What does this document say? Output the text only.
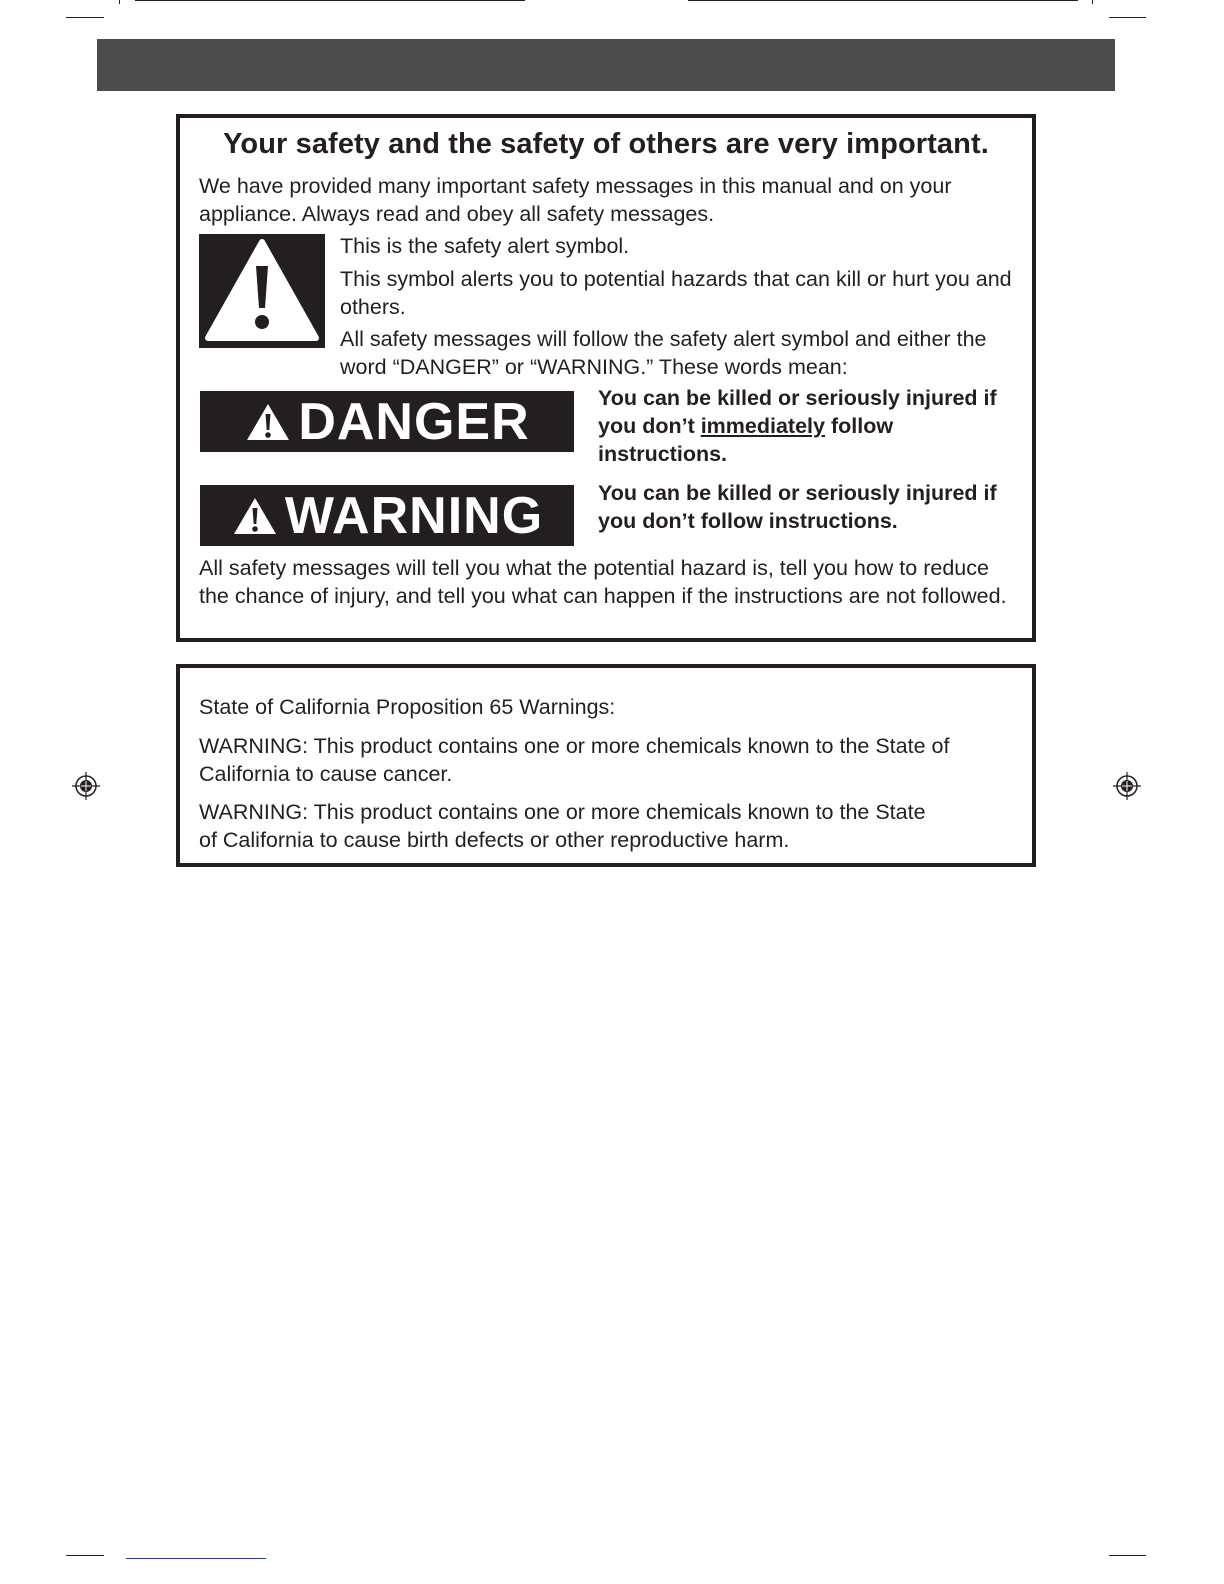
Your safety and the safety of others are very important.

We have provided many important safety messages in this manual and on your appliance. Always read and obey all safety messages.

This is the safety alert symbol.

This symbol alerts you to potential hazards that can kill or hurt you and others.

All safety messages will follow the safety alert symbol and either the word “DANGER” or “WARNING.” These words mean:

DANGER	You can be killed or seriously injured if you don’t immediately follow instructions.

WARNING	You can be killed or seriously injured if you don’t follow instructions.

All safety messages will tell you what the potential hazard is, tell you how to reduce the chance of injury, and tell you what can happen if the instructions are not followed.

State of California Proposition 65 Warnings:

WARNING: This product contains one or more chemicals known to the State of California to cause cancer.

WARNING: This product contains one or more chemicals known to the State of California to cause birth defects or other reproductive harm.
